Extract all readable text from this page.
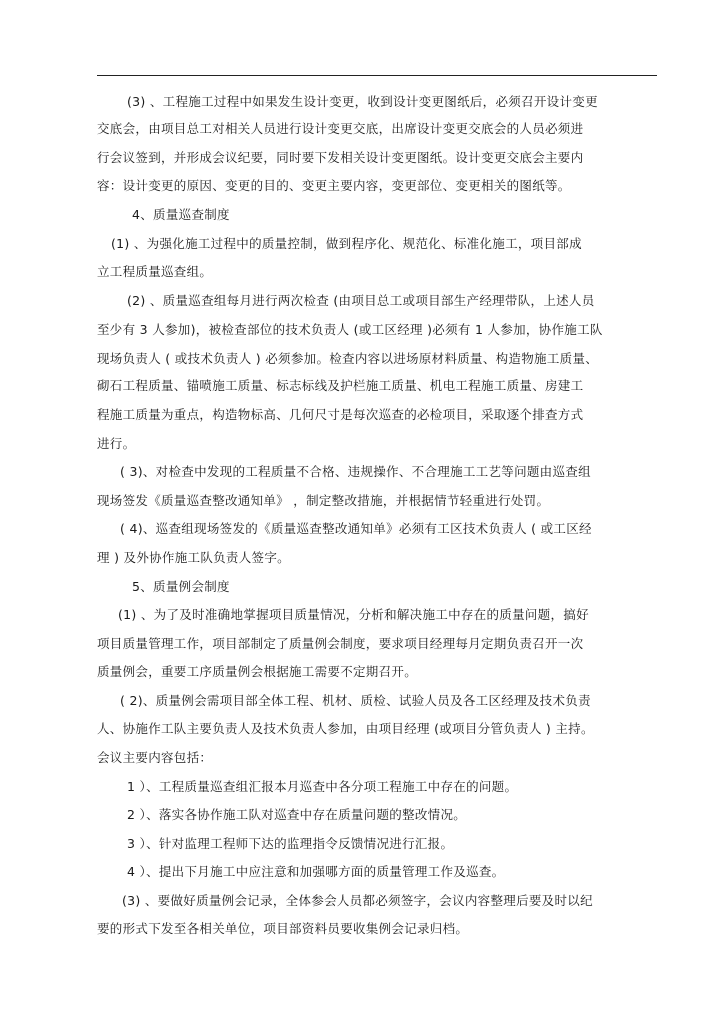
(3) 、工程施工过程中如果发生设计变更，收到设计变更图纸后，必须召开设计变更
交底会，由项目总工对相关人员进行设计变更交底，出席设计变更交底会的人员必须进
行会议签到，并形成会议纪要，同时要下发相关设计变更图纸。设计变更交底会主要内
容：设计变更的原因、变更的目的、变更主要内容，变更部位、变更相关的图纸等。
4、质量巡查制度
(1) 、为强化施工过程中的质量控制，做到程序化、规范化、标准化施工，项目部成
立工程质量巡查组。
(2) 、质量巡查组每月进行两次检查 (由项目总工或项目部生产经理带队，上述人员
至少有 3 人参加)，被检查部位的技术负责人 (或工区经理 )必须有 1 人参加，协作施工队
现场负责人 ( 或技术负责人 ) 必须参加。检查内容以进场原材料质量、构造物施工质量、
砌石工程质量、锚喷施工质量、标志标线及护栏施工质量、机电工程施工质量、房建工
程施工质量为重点，构造物标高、几何尺寸是每次巡查的必检项目，采取逐个排查方式
进行。
( 3)、对检查中发现的工程质量不合格、违规操作、不合理施工工艺等问题由巡查组
现场签发《质量巡查整改通知单》 ，制定整改措施，并根据情节轻重进行处罚。
( 4)、巡查组现场签发的《质量巡查整改通知单》必须有工区技术负责人 ( 或工区经
理 ) 及外协作施工队负责人签字。
5、质量例会制度
(1) 、为了及时准确地掌握项目质量情况，分析和解决施工中存在的质量问题，搞好
项目质量管理工作，项目部制定了质量例会制度，要求项目经理每月定期负责召开一次
质量例会，重要工序质量例会根据施工需要不定期召开。
( 2)、质量例会需项目部全体工程、机材、质检、试验人员及各工区经理及技术负责
人、协施作工队主要负责人及技术负责人参加，由项目经理 (或项目分管负责人 ) 主持。
会议主要内容包括：
1 ）、工程质量巡查组汇报本月巡查中各分项工程施工中存在的问题。
2 ）、落实各协作施工队对巡查中存在质量问题的整改情况。
3 ）、针对监理工程师下达的监理指令反馈情况进行汇报。
4 ）、提出下月施工中应注意和加强哪方面的质量管理工作及巡查。
(3) 、要做好质量例会记录，全体参会人员都必须签字，会议内容整理后要及时以纪
要的形式下发至各相关单位，项目部资料员要收集例会记录归档。
